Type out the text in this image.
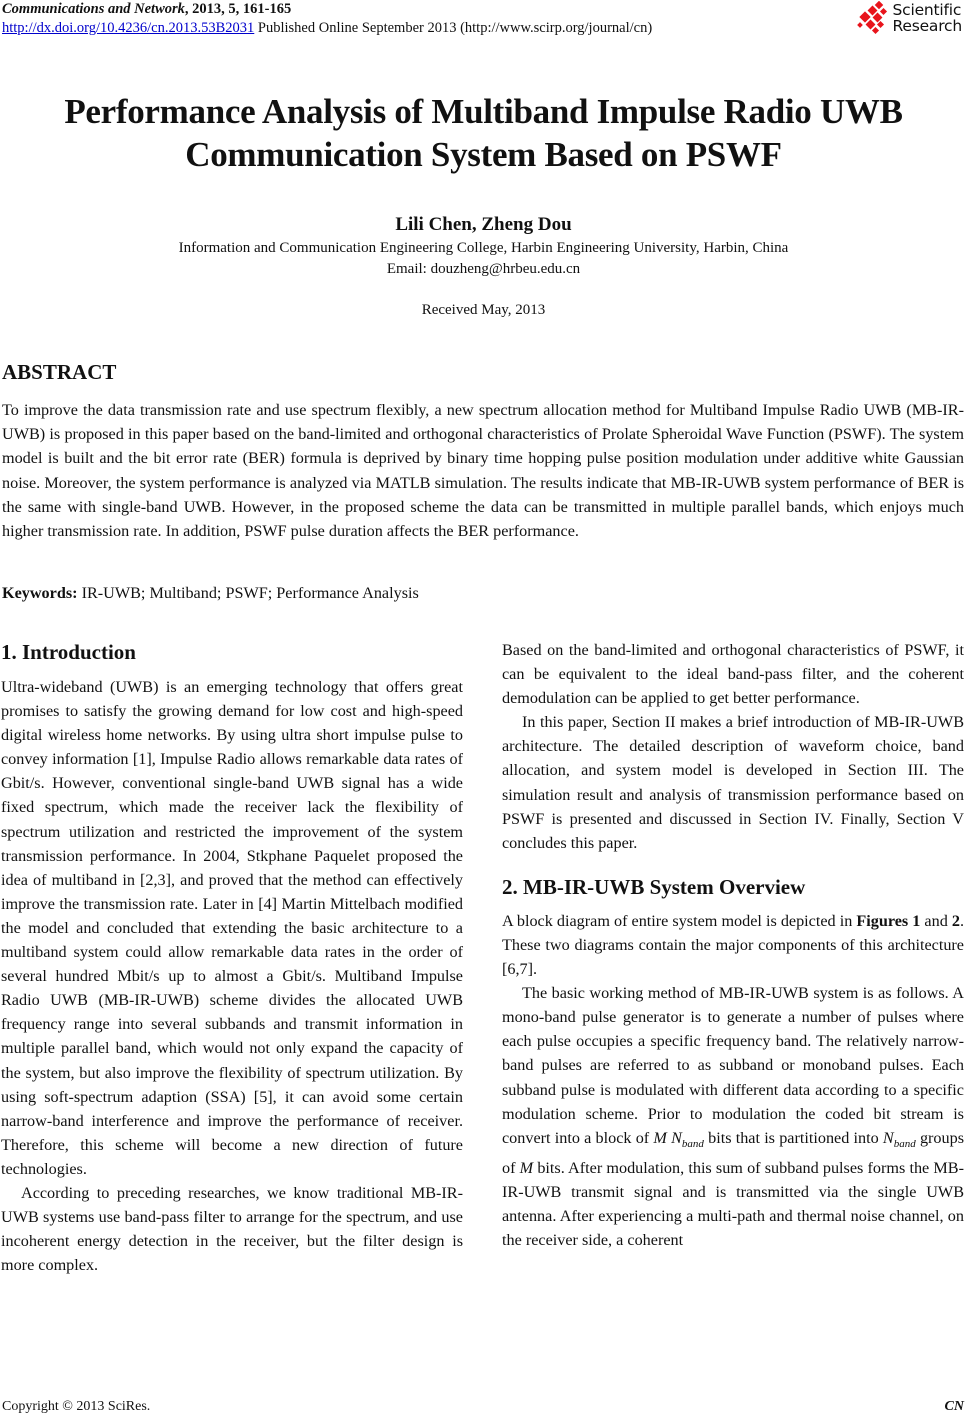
Communications and Network, 2013, 5, 161-165
http://dx.doi.org/10.4236/cn.2013.53B2031 Published Online September 2013 (http://www.scirp.org/journal/cn)
Scientific
Research
Performance Analysis of Multiband Impulse Radio UWB
Communication System Based on PSWF
Lili Chen, Zheng Dou
Information and Communication Engineering College, Harbin Engineering University, Harbin, China
Email: douzheng@hrbeu.edu.cn
Received May, 2013
ABSTRACT
To improve the data transmission rate and use spectrum flexibly, a new spectrum allocation method for Multiband Impulse Radio UWB (MB-IR-UWB) is proposed in this paper based on the band-limited and orthogonal characteristics of Prolate Spheroidal Wave Function (PSWF). The system model is built and the bit error rate (BER) formula is deprived by binary time hopping pulse position modulation under additive white Gaussian noise. Moreover, the system performance is analyzed via MATLB simulation. The results indicate that MB-IR-UWB system performance of BER is the same with single-band UWB. However, in the proposed scheme the data can be transmitted in multiple parallel bands, which enjoys much higher transmission rate. In addition, PSWF pulse duration affects the BER performance.
Keywords: IR-UWB; Multiband; PSWF; Performance Analysis
1. Introduction

Ultra-wideband (UWB) is an emerging technology that offers great promises to satisfy the growing demand for low cost and high-speed digital wireless home networks. By using ultra short impulse pulse to convey information [1], Impulse Radio allows remarkable data rates of Gbit/s. However, conventional single-band UWB signal has a wide fixed spectrum, which made the receiver lack the flexibility of spectrum utilization and restricted the improvement of the system transmission performance. In 2004, Stkphane Paquelet proposed the idea of multiband in [2,3], and proved that the method can effectively improve the transmission rate. Later in [4] Martin Mittelbach modified the model and concluded that extending the basic architecture to a multiband system could allow remarkable data rates in the order of several hundred Mbit/s up to almost a Gbit/s. Multiband Impulse Radio UWB (MB-IR-UWB) scheme divides the allocated UWB frequency range into several subbands and transmit information in multiple parallel band, which would not only expand the capacity of the system, but also improve the flexibility of spectrum utilization. By using soft-spectrum adaption (SSA) [5], it can avoid some certain narrow-band interference and improve the performance of receiver. Therefore, this scheme will become a new direction of future technologies.

According to preceding researches, we know traditional MB-IR-UWB systems use band-pass filter to arrange for the spectrum, and use incoherent energy detection in the receiver, but the filter design is more complex.

Based on the band-limited and orthogonal characteristics of PSWF, it can be equivalent to the ideal band-pass filter, and the coherent demodulation can be applied to get better performance.

In this paper, Section II makes a brief introduction of MB-IR-UWB architecture. The detailed description of waveform choice, band allocation, and system model is developed in Section III. The simulation result and analysis of transmission performance based on PSWF is presented and discussed in Section IV. Finally, Section V concludes this paper.

2. MB-IR-UWB System Overview

A block diagram of entire system model is depicted in Figures 1 and 2. These two diagrams contain the major components of this architecture [6,7].

The basic working method of MB-IR-UWB system is as follows. A mono-band pulse generator is to generate a number of pulses where each pulse occupies a specific frequency band. The relatively narrow-band pulses are referred to as subband or monoband pulses. Each subband pulse is modulated with different data according to a specific modulation scheme. Prior to modulation the coded bit stream is convert into a block of M $N_{band}$ bits that is partitioned into $N_{band}$ groups of M bits. After modulation, this sum of subband pulses forms the MB-IR-UWB transmit signal and is transmitted via the single UWB antenna. After experiencing a multi-path and thermal noise channel, on the receiver side, a coherent

Copyright © 2013 SciRes.	CN
